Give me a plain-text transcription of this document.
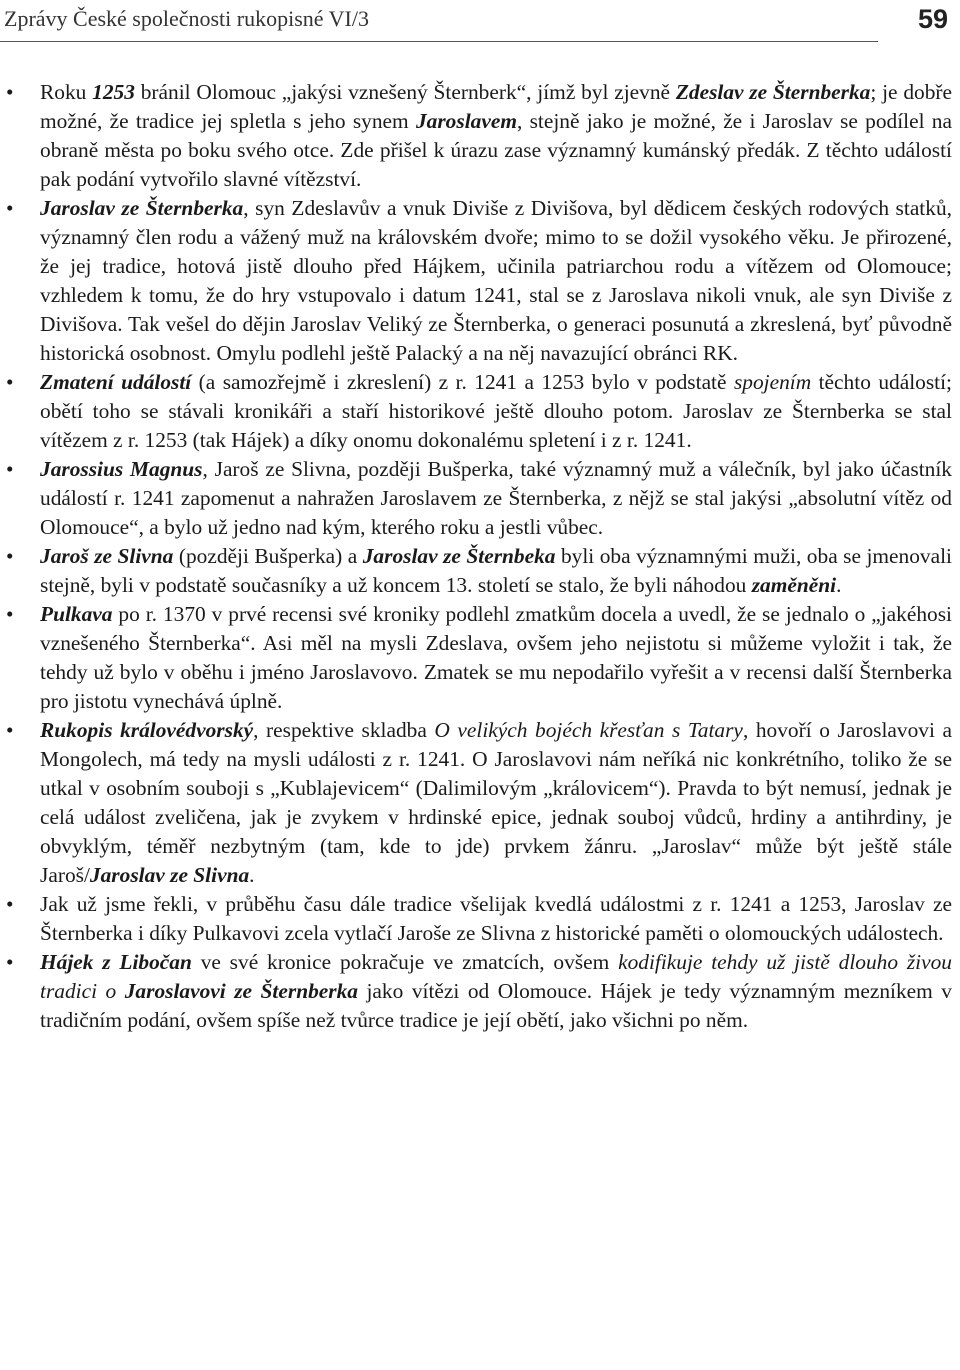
Zprávy České společnosti rukopisné VI/3	59

• Roku 1253 bránil Olomouc „jakýsi vznešený Šternberk“, jímž byl zjevně Zdeslav ze Šternberka; je dobře možné, že tradice jej spletla s jeho synem Jaroslavem, stejně jako je možné, že i Jaroslav se podílel na obraně města po boku svého otce. Zde přišel k úrazu zase významný kumánský předák. Z těchto událostí pak podání vytvořilo slavné vítězství.

• Jaroslav ze Šternberka, syn Zdeslavův a vnuk Diviše z Divišova, byl dědicem českých rodových statků, významný člen rodu a vážený muž na královském dvoře; mimo to se dožil vysokého věku. Je přirozené, že jej tradice, hotová jistě dlouho před Hájkem, učinila patriarchou rodu a vítězem od Olomouce; vzhledem k tomu, že do hry vstupovalo i datum 1241, stal se z Jaroslava nikoli vnuk, ale syn Diviše z Divišova. Tak vešel do dějin Jaroslav Veliký ze Šternberka, o generaci posunutá a zkreslená, byť původně historická osobnost. Omylu podlehl ještě Palacký a na něj navazující obránci RK.

• Zmatení událostí (a samozřejmě i zkreslení) z r. 1241 a 1253 bylo v podstatě spojením těchto událostí; obětí toho se stávali kronikáři a staří historikové ještě dlouho potom. Jaroslav ze Šternberka se stal vítězem z r. 1253 (tak Hájek) a díky onomu dokonalému spletení i z r. 1241.

• Jarossius Magnus, Jaroš ze Slivna, později Bušperka, také významný muž a válečník, byl jako účastník událostí r. 1241 zapomenut a nahražen Jaroslavem ze Šternberka, z nějž se stal jakýsi „absolutní vítěz od Olomouce“, a bylo už jedno nad kým, kterého roku a jestli vůbec.

• Jaroš ze Slivna (později Bušperka) a Jaroslav ze Šternbeka byli oba významnými muži, oba se jmenovali stejně, byli v podstatě současníky a už koncem 13. století se stalo, že byli náhodou zaměněni.

• Pulkava po r. 1370 v prvé recensi své kroniky podlehl zmatkům docela a uvedl, že se jednalo o „jakéhosi vznešeného Šternberka“. Asi měl na mysli Zdeslava, ovšem jeho nejistotu si můžeme vyložit i tak, že tehdy už bylo v oběhu i jméno Jaroslavovo. Zmatek se mu nepodařilo vyřešit a v recensi další Šternberka pro jistotu vynechává úplně.

• Rukopis královédvorský, respektive skladba O velikých bojéch křesťan s Tatary, hovoří o Jaroslavovi a Mongolech, má tedy na mysli události z r. 1241. O Jaroslavovi nám neříká nic konkrétního, toliko že se utkal v osobním souboji s „Kublajevicem“ (Dalimilovým „královicem“). Pravda to být nemusí, jednak je celá událost zveličena, jak je zvykem v hrdinské epice, jednak souboj vůdců, hrdiny a antihrdiny, je obvyklým, téměř nezbytným (tam, kde to jde) prvkem žánru. „Jaroslav“ může být ještě stále Jaroš/Jaroslav ze Slivna.

• Jak už jsme řekli, v průběhu času dále tradice všelijak kvedlá událostmi z r. 1241 a 1253, Jaroslav ze Šternberka i díky Pulkavovi zcela vytlačí Jaroše ze Slivna z historické paměti o olomouckých událostech.

• Hájek z Libočan ve své kronice pokračuje ve zmatcích, ovšem kodifikuje tehdy už jistě dlouho živou tradici o Jaroslavovi ze Šternberka jako vítězi od Olomouce. Hájek je tedy významným mezníkem v tradičním podání, ovšem spíše než tvůrce tradice je její obětí, jako všichni po něm.
